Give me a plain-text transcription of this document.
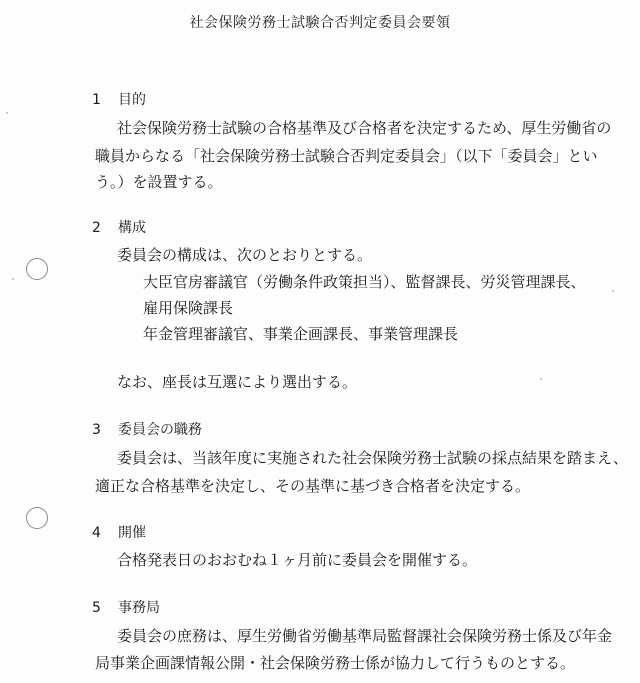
社会保険労務士試験合否判定委員会要領
1 目的
社会保険労務士試験の合格基準及び合格者を決定するため、厚生労働省の
職員からなる「社会保険労務士試験合否判定委員会」（以下「委員会」とい
う。）を設置する。
2 構成
委員会の構成は、次のとおりとする。
大臣官房審議官（労働条件政策担当）、監督課長、労災管理課長、
雇用保険課長
年金管理審議官、事業企画課長、事業管理課長
なお、座長は互選により選出する。
3 委員会の職務
委員会は、当該年度に実施された社会保険労務士試験の採点結果を踏まえ、
適正な合格基準を決定し、その基準に基づき合格者を決定する。
4 開催
合格発表日のおおむね１ヶ月前に委員会を開催する。
5 事務局
委員会の庶務は、厚生労働省労働基準局監督課社会保険労務士係及び年金
局事業企画課情報公開・社会保険労務士係が協力して行うものとする。
